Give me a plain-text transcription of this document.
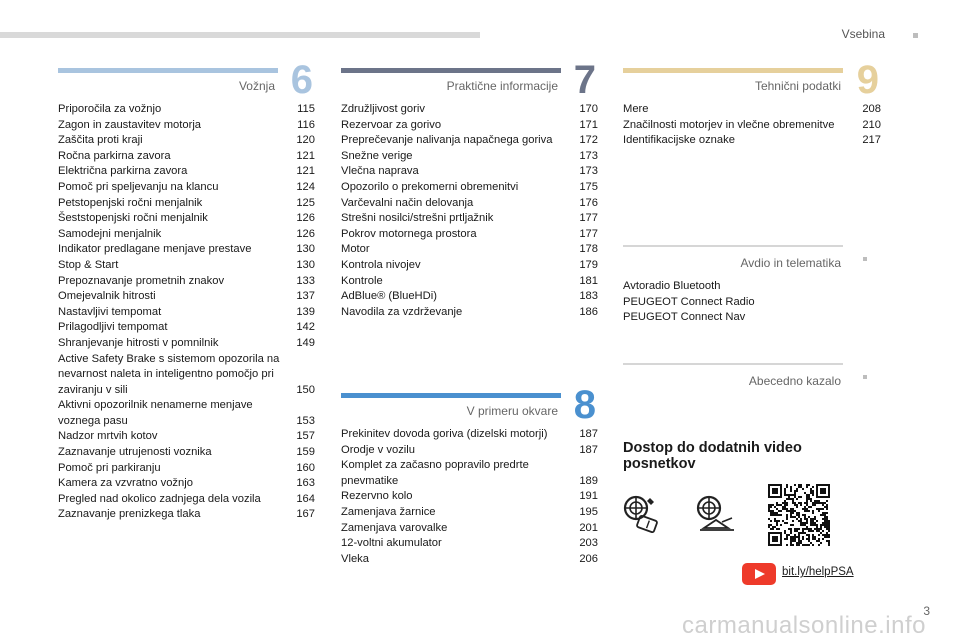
Vsebina
Vožnja 6
Priporočila za vožnjo	115
Zagon in zaustavitev motorja	116
Zaščita proti kraji	120
Ročna parkirna zavora	121
Električna parkirna zavora	121
Pomoč pri speljevanju na klancu	124
Petstopenjski ročni menjalnik	125
Šeststopenjski ročni menjalnik	126
Samodejni menjalnik	126
Indikator predlagane menjave prestave	130
Stop & Start	130
Prepoznavanje prometnih znakov	133
Omejevalnik hitrosti	137
Nastavljivi tempomat	139
Prilagodljivi tempomat	142
Shranjevanje hitrosti v pomnilnik	149
Active Safety Brake s sistemom opozorila na nevarnost naleta in inteligentno pomočjo pri zaviranju v sili	150
Aktivni opozorilnik nenamerne menjave voznega pasu	153
Nadzor mrtvih kotov	157
Zaznavanje utrujenosti voznika	159
Pomoč pri parkiranju	160
Kamera za vzvratno vožnjo	163
Pregled nad okolico zadnjega dela vozila	164
Zaznavanje prenizkega tlaka	167
Praktične informacije 7
Združljivost goriv	170
Rezervoar za gorivo	171
Preprečevanje nalivanja napačnega goriva	172
Snežne verige	173
Vlečna naprava	173
Opozorilo o prekomerni obremenitvi	175
Varčevalni način delovanja	176
Strešni nosilci/strešni prtljažnik	177
Pokrov motornega prostora	177
Motor	178
Kontrola nivojev	179
Kontrole	181
AdBlue® (BlueHDi)	183
Navodila za vzdrževanje	186
V primeru okvare 8
Prekinitev dovoda goriva (dizelski motorji)	187
Orodje v vozilu	187
Komplet za začasno popravilo predrte pnevmatike	189
Rezervno kolo	191
Zamenjava žarnice	195
Zamenjava varovalke	201
12-voltni akumulator	203
Vleka	206
Tehnični podatki 9
Mere	208
Značilnosti motorjev in vlečne obremenitve	210
Identifikacijske oznake	217
Avdio in telematika
Avtoradio Bluetooth
PEUGEOT Connect Radio
PEUGEOT Connect Nav
Abecedno kazalo
Dostop do dodatnih video posnetkov
bit.ly/helpPSA
3
carmanualsonline.info
